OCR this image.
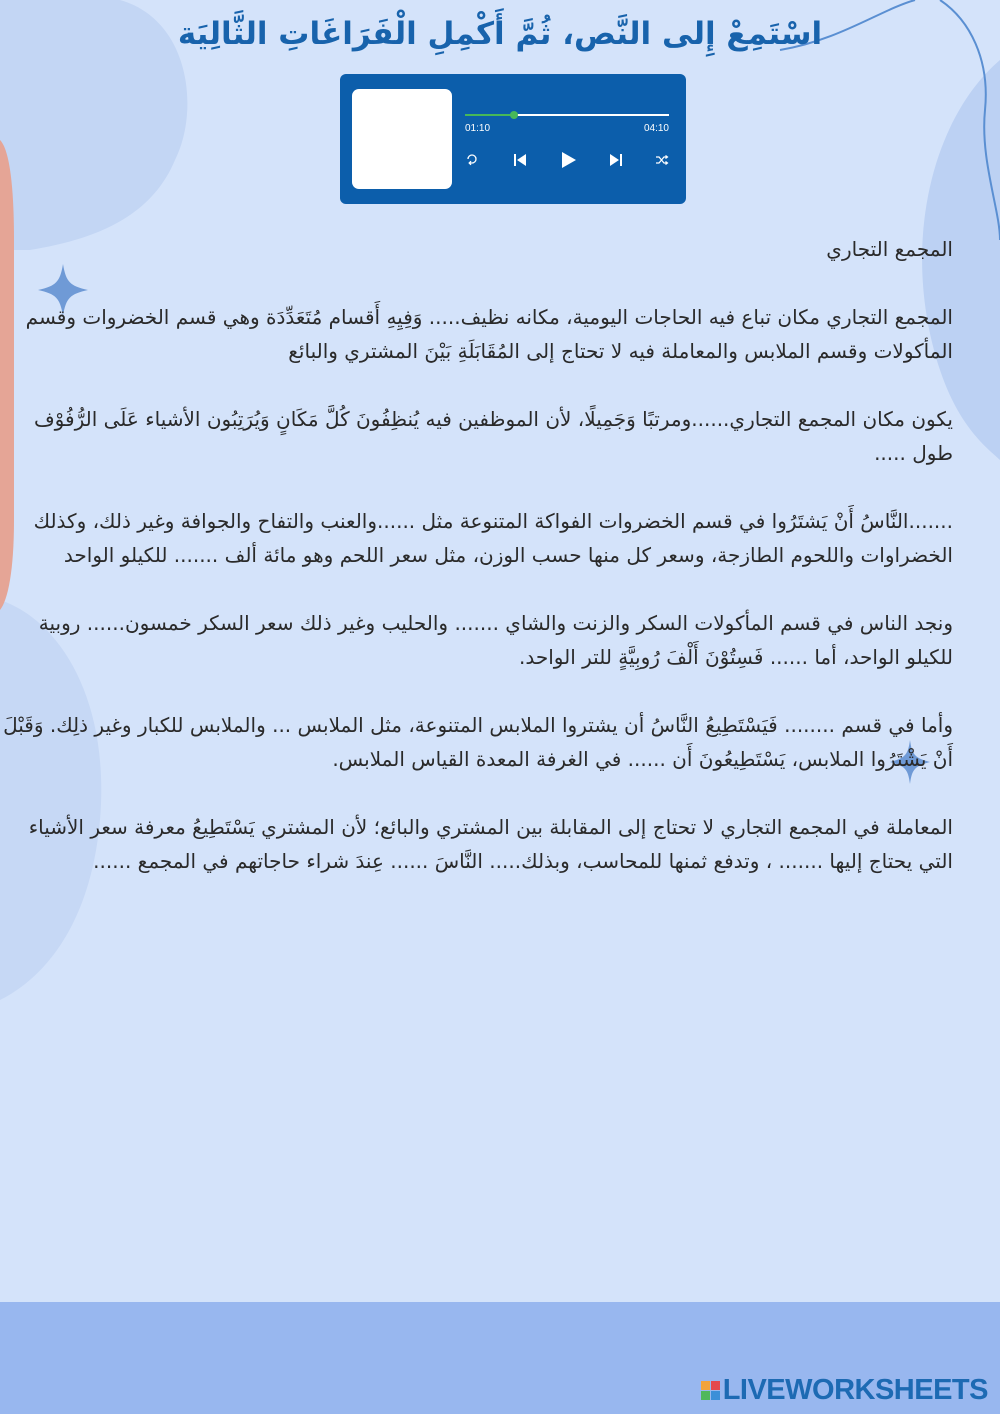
اسْتَمِعْ إِلى النَّص، ثُمَّ أَكْمِلِ الْفَرَاغَاتِ الثَّالِيَة
01:10	04:10
المجمع التجاري

المجمع التجاري مكان تباع فيه الحاجات اليومية، مكانه نظيف..... وَفِيِهِ أَقسام مُتَعَدِّدَة وهي قسم الخضروات وقسم المأكولات وقسم الملابس والمعاملة فيه لا تحتاج إلى المُقَابَلَةِ بَيْنَ المشتري والبائع

يكون مكان المجمع التجاري......ومرتبًا وَجَمِيلًا، لأن الموظفين فيه يُنظِفُونَ كُلَّ مَكَانٍ وَيُرَتِبُون الأشياء عَلَى الرُّفُوْف طول .....

.......النَّاسُ أَنْ يَشتَرُوا في قسم الخضروات الفواكة المتنوعة مثل ......والعنب والتفاح والجوافة وغير ذلك، وكذلك الخضراوات واللحوم الطازجة، وسعر كل منها حسب الوزن، مثل سعر اللحم وهو مائة ألف ....... للكيلو الواحد

ونجد الناس في قسم المأكولات السكر والزنت والشاي ....... والحليب وغير ذلك سعر السكر خمسون...... روبية للكيلو الواحد، أما ...... فَسِتُوْنَ أَلْفَ رُوبِيَّةٍ للتر الواحد.

وأما في قسم ........ فَيَسْتَطِيعُ النَّاسُ أن يشتروا الملابس المتنوعة، مثل الملابس ... والملابس للكبار وغير ذلِك. وَقَبْلَ أَنْ يَشْتَرُوا الملابس، يَسْتَطِيعُونَ أَن ...... في الغرفة المعدة القياس الملابس.

المعاملة في المجمع التجاري لا تحتاج إلى المقابلة بين المشتري والبائع؛ لأن المشتري يَسْتَطِيعُ معرفة سعر الأشياء التي يحتاج إليها ....... ، وتدفع ثمنها للمحاسب، وبذلك..... النَّاسَ ...... عِندَ شراء حاجاتهم في المجمع ......

LIVEWORKSHEETS
